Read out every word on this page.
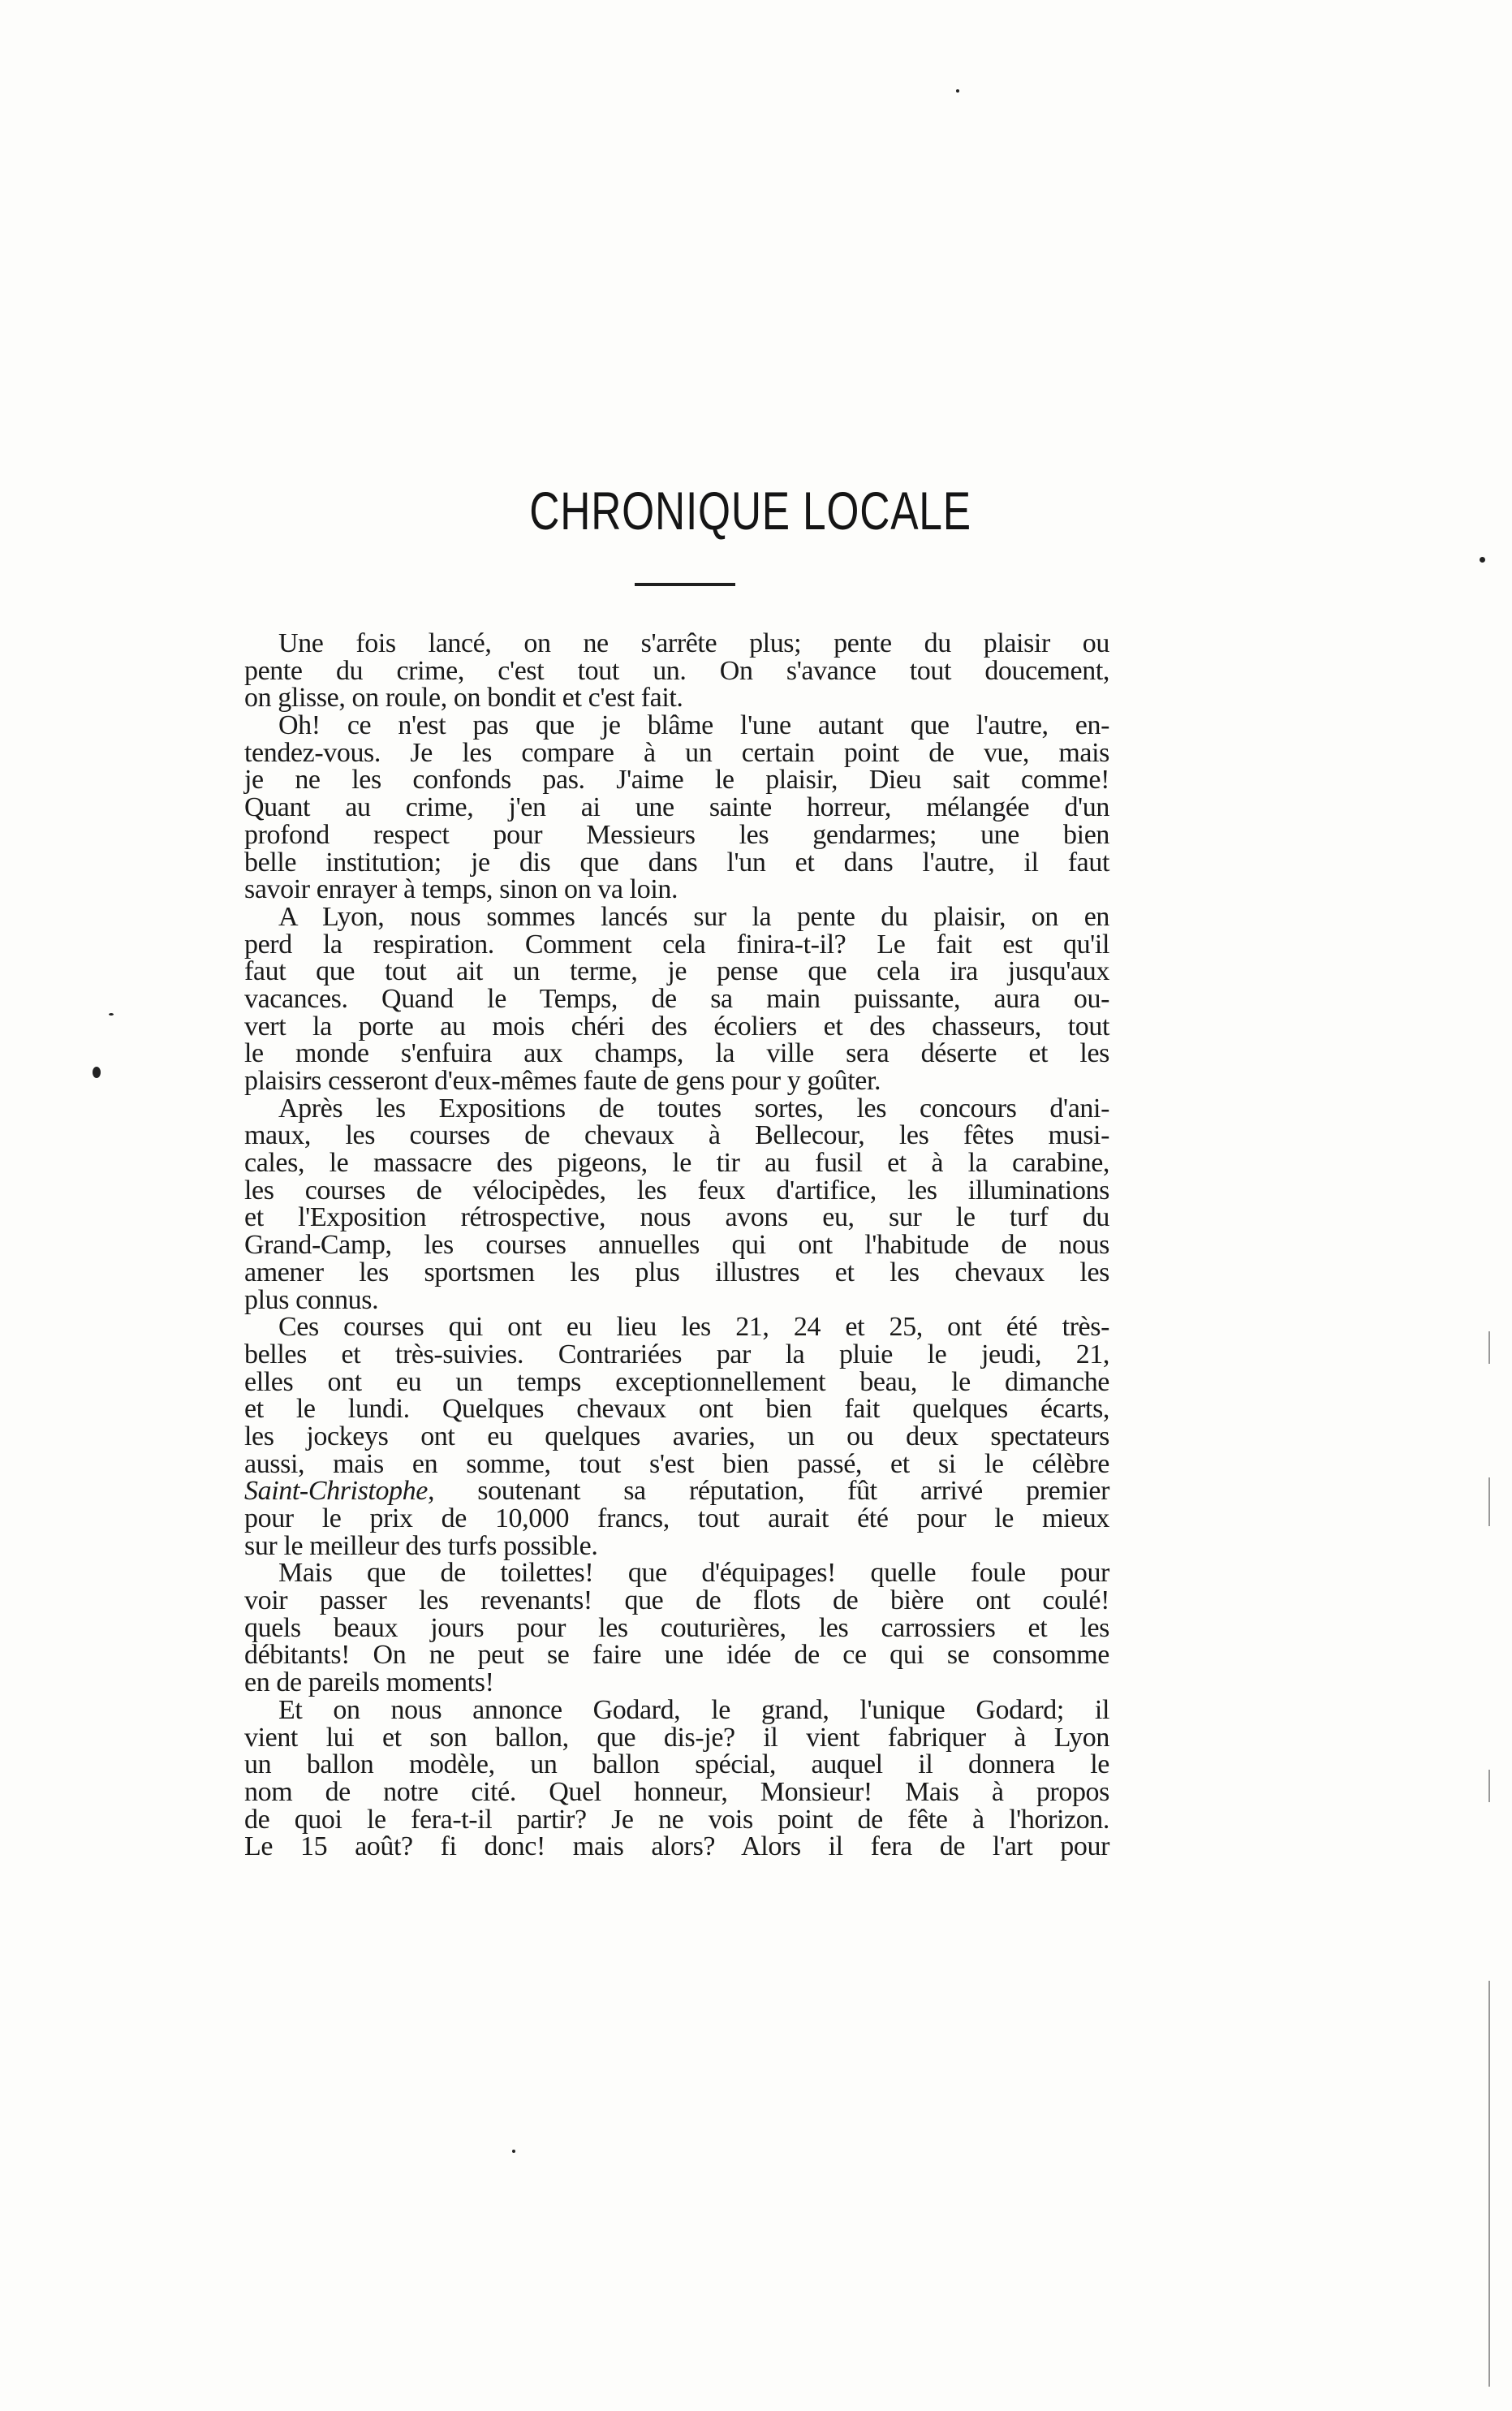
CHRONIQUE LOCALE
Une fois lancé, on ne s'arrête plus; pente du plaisir ou
pente du crime, c'est tout un. On s'avance tout doucement,
on glisse, on roule, on bondit et c'est fait.
Oh! ce n'est pas que je blâme l'une autant que l'autre, en-
tendez-vous. Je les compare à un certain point de vue, mais
je ne les confonds pas. J'aime le plaisir, Dieu sait comme!
Quant au crime, j'en ai une sainte horreur, mélangée d'un
profond respect pour Messieurs les gendarmes; une bien
belle institution; je dis que dans l'un et dans l'autre, il faut
savoir enrayer à temps, sinon on va loin.
A Lyon, nous sommes lancés sur la pente du plaisir, on en
perd la respiration. Comment cela finira-t-il? Le fait est qu'il
faut que tout ait un terme, je pense que cela ira jusqu'aux
vacances. Quand le Temps, de sa main puissante, aura ou-
vert la porte au mois chéri des écoliers et des chasseurs, tout
le monde s'enfuira aux champs, la ville sera déserte et les
plaisirs cesseront d'eux-mêmes faute de gens pour y goûter.
Après les Expositions de toutes sortes, les concours d'ani-
maux, les courses de chevaux à Bellecour, les fêtes musi-
cales, le massacre des pigeons, le tir au fusil et à la carabine,
les courses de vélocipèdes, les feux d'artifice, les illuminations
et l'Exposition rétrospective, nous avons eu, sur le turf du
Grand-Camp, les courses annuelles qui ont l'habitude de nous
amener les sportsmen les plus illustres et les chevaux les
plus connus.
Ces courses qui ont eu lieu les 21, 24 et 25, ont été très-
belles et très-suivies. Contrariées par la pluie le jeudi, 21,
elles ont eu un temps exceptionnellement beau, le dimanche
et le lundi. Quelques chevaux ont bien fait quelques écarts,
les jockeys ont eu quelques avaries, un ou deux spectateurs
aussi, mais en somme, tout s'est bien passé, et si le célèbre
Saint-Christophe, soutenant sa réputation, fût arrivé premier
pour le prix de 10,000 francs, tout aurait été pour le mieux
sur le meilleur des turfs possible.
Mais que de toilettes! que d'équipages! quelle foule pour
voir passer les revenants! que de flots de bière ont coulé!
quels beaux jours pour les couturières, les carrossiers et les
débitants! On ne peut se faire une idée de ce qui se consomme
en de pareils moments!
Et on nous annonce Godard, le grand, l'unique Godard; il
vient lui et son ballon, que dis-je? il vient fabriquer à Lyon
un ballon modèle, un ballon spécial, auquel il donnera le
nom de notre cité. Quel honneur, Monsieur! Mais à propos
de quoi le fera-t-il partir? Je ne vois point de fête à l'horizon.
Le 15 août? fi donc! mais alors? Alors il fera de l'art pour
